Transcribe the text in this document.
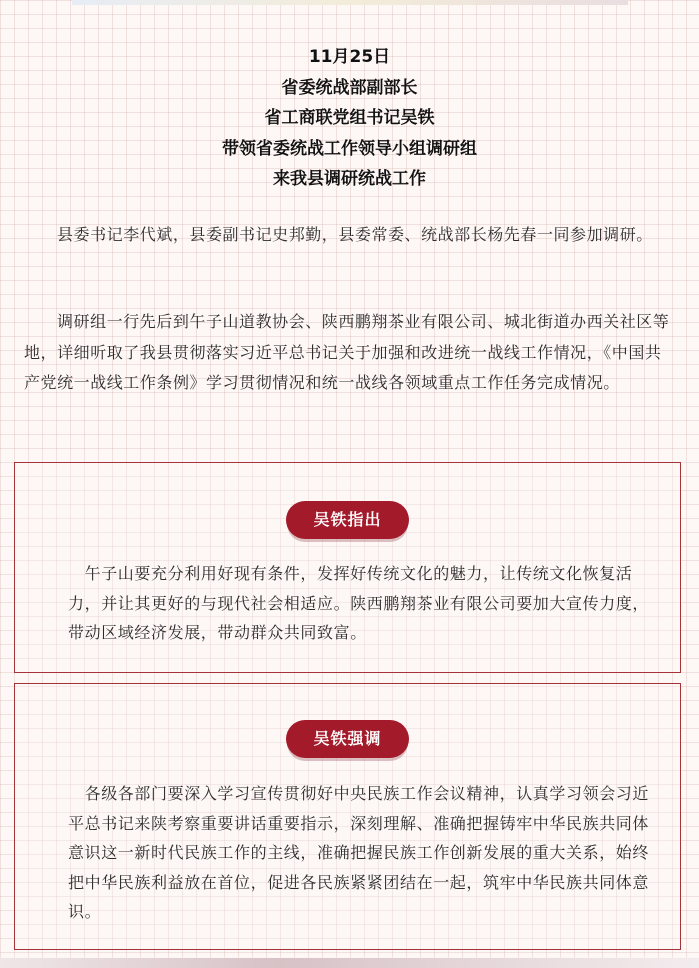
11月25日
省委统战部副部长
省工商联党组书记吴铁
带领省委统战工作领导小组调研组
来我县调研统战工作

县委书记李代斌，县委副书记史邦勤，县委常委、统战部长杨先春一同参加调研。

调研组一行先后到午子山道教协会、陕西鹏翔茶业有限公司、城北街道办西关社区等地，详细听取了我县贯彻落实习近平总书记关于加强和改进统一战线工作情况，《中国共产党统一战线工作条例》学习贯彻情况和统一战线各领域重点工作任务完成情况。

吴铁指出

　午子山要充分利用好现有条件，发挥好传统文化的魅力，让传统文化恢复活力，并让其更好的与现代社会相适应。陕西鹏翔茶业有限公司要加大宣传力度，带动区域经济发展，带动群众共同致富。

吴铁强调

　各级各部门要深入学习宣传贯彻好中央民族工作会议精神，认真学习领会习近平总书记来陕考察重要讲话重要指示，深刻理解、准确把握铸牢中华民族共同体意识这一新时代民族工作的主线，准确把握民族工作创新发展的重大关系，始终把中华民族利益放在首位，促进各民族紧紧团结在一起，筑牢中华民族共同体意识。
